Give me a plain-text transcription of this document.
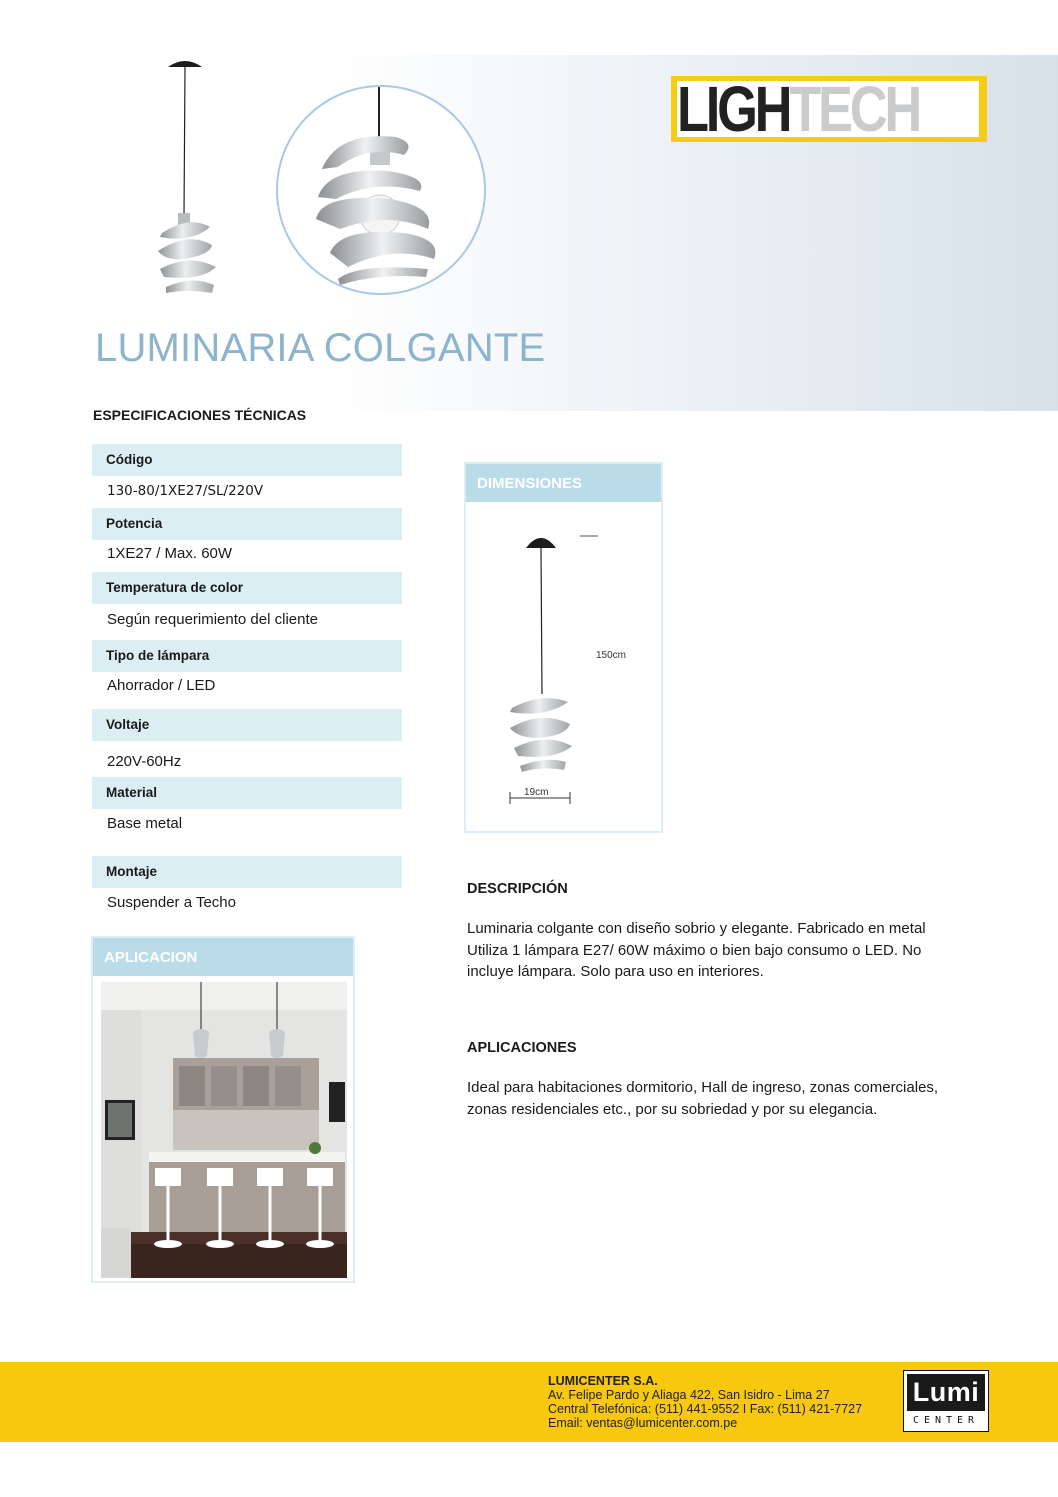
LIGHTECH
LUMINARIA COLGANTE
ESPECIFICACIONES TÉCNICAS
Código
130-80/1XE27/SL/220V
Potencia
1XE27 / Max. 60W
Temperatura de color
Según requerimiento del cliente
Tipo de lámpara
Ahorrador / LED
Voltaje
220V-60Hz
Material
Base metal
Montaje
Suspender a Techo
DIMENSIONES
150cm
19cm
APLICACION
DESCRIPCIÓN
Luminaria colgante con diseño sobrio y elegante. Fabricado en metal
Utiliza 1 lámpara E27/ 60W máximo o bien bajo consumo o LED. No
incluye lámpara. Solo para uso en interiores.
APLICACIONES
Ideal para habitaciones dormitorio, Hall de ingreso, zonas comerciales,
zonas residenciales etc., por su sobriedad y por su elegancia.
LUMICENTER S.A.
Av. Felipe Pardo y Aliaga 422, San Isidro - Lima 27
Central Telefónica: (511) 441-9552 I Fax: (511) 421-7727
Email: ventas@lumicenter.com.pe
Lumi
CENTER
